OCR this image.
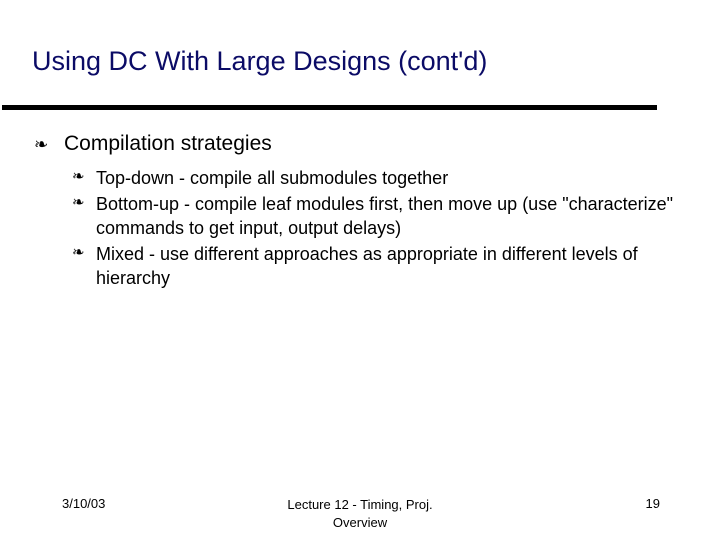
Using DC With Large Designs (cont'd)
❧ Compilation strategies
❧ Top-down - compile all submodules together
❧ Bottom-up - compile leaf modules first, then move up (use "characterize" commands to get input, output delays)
❧ Mixed - use different approaches as appropriate in different levels of hierarchy
3/10/03	Lecture 12 - Timing, Proj. Overview
19
